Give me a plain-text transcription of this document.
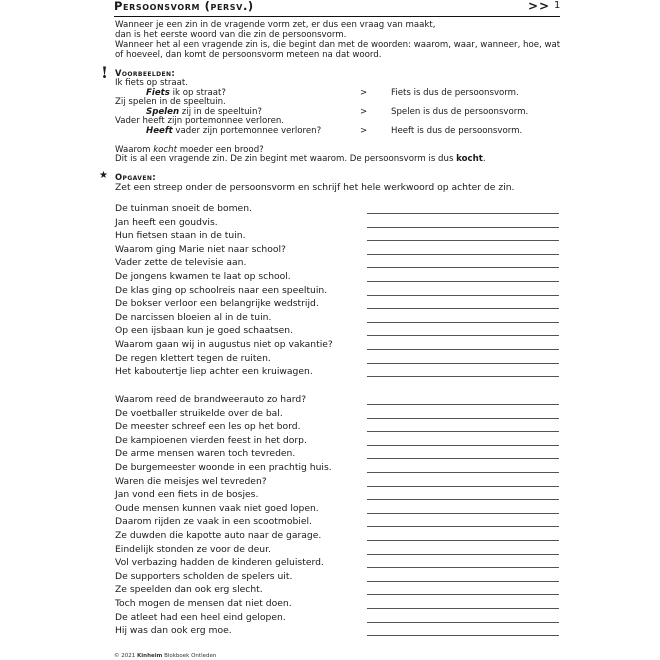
Persoonsvorm (persv.)	>> 1
Wanneer je een zin in de vragende vorm zet, er dus een vraag van maakt,
dan is het eerste woord van die zin de persoonsvorm.
Wanneer het al een vragende zin is, die begint dan met de woorden: waarom, waar, wanneer, hoe, wat
of hoeveel, dan komt de persoonsvorm meteen na dat woord.
! Voorbeelden:
Ik fiets op straat.
Fiets ik op straat?	>	Fiets is dus de persoonsvorm.
Zij spelen in de speeltuin.
Spelen zij in de speeltuin?	>	Spelen is dus de persoonsvorm.
Vader heeft zijn portemonnee verloren.
Heeft vader zijn portemonnee verloren?	>	Heeft is dus de persoonsvorm.
Waarom kocht moeder een brood?
Dit is al een vragende zin. De zin begint met waarom. De persoonsvorm is dus kocht.
★ Opgaven:
Zet een streep onder de persoonsvorm en schrijf het hele werkwoord op achter de zin.
De tuinman snoeit de bomen.
Jan heeft een goudvis.
Hun fietsen staan in de tuin.
Waarom ging Marie niet naar school?
Vader zette de televisie aan.
De jongens kwamen te laat op school.
De klas ging op schoolreis naar een speeltuin.
De bokser verloor een belangrijke wedstrijd.
De narcissen bloeien al in de tuin.
Op een ijsbaan kun je goed schaatsen.
Waarom gaan wij in augustus niet op vakantie?
De regen klettert tegen de ruiten.
Het kaboutertje liep achter een kruiwagen.
Waarom reed de brandweerauto zo hard?
De voetballer struikelde over de bal.
De meester schreef een les op het bord.
De kampioenen vierden feest in het dorp.
De arme mensen waren toch tevreden.
De burgemeester woonde in een prachtig huis.
Waren die meisjes wel tevreden?
Jan vond een fiets in de bosjes.
Oude mensen kunnen vaak niet goed lopen.
Daarom rijden ze vaak in een scootmobiel.
Ze duwden die kapotte auto naar de garage.
Eindelijk stonden ze voor de deur.
Vol verbazing hadden de kinderen geluisterd.
De supporters scholden de spelers uit.
Ze speelden dan ook erg slecht.
Toch mogen de mensen dat niet doen.
De atleet had een heel eind gelopen.
Hij was dan ook erg moe.
© 2021 Kinheim Blokboek Ontleden
